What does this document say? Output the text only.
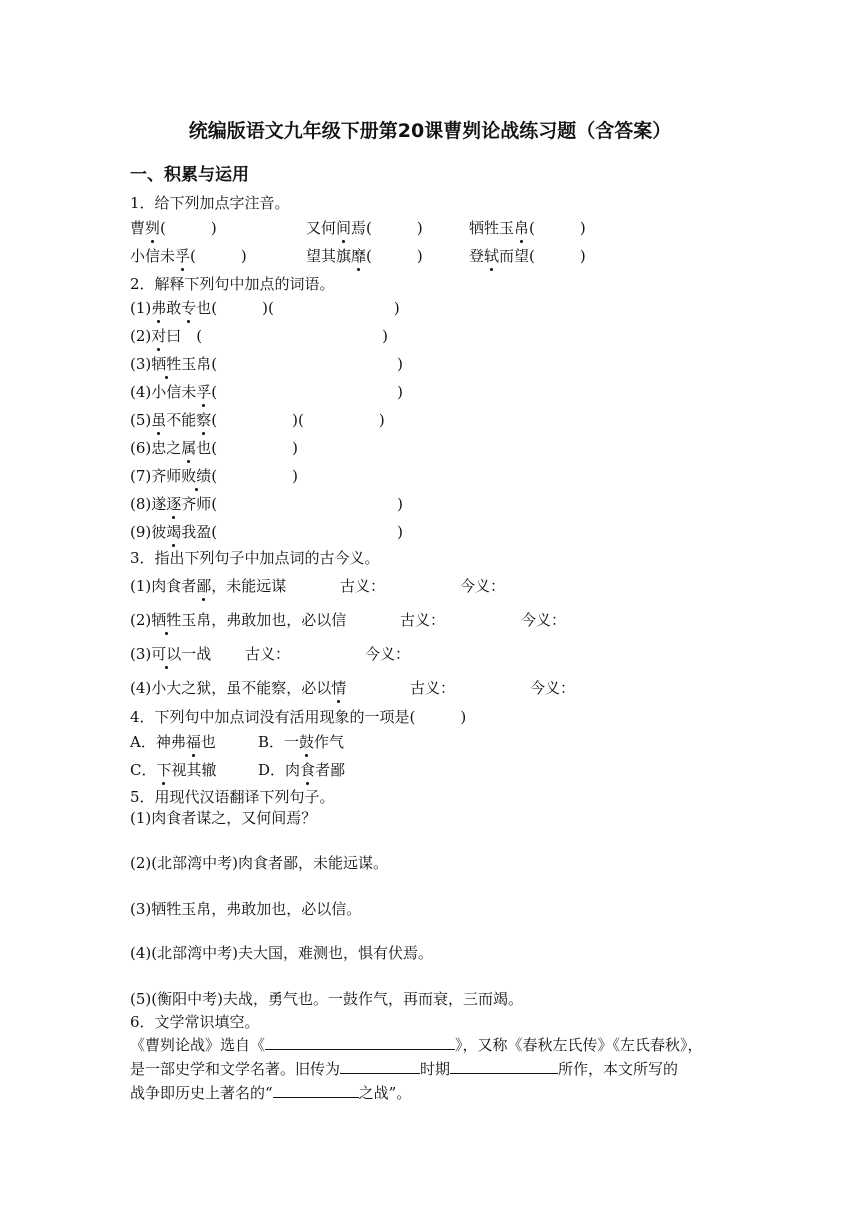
统编版语文九年级下册第20课曹刿论战练习题（含答案）
一、积累与运用
1．给下列加点字注音。
曹刿(　　　)	又何间焉(　　　)	牺牲玉帛(　　　)
小信未孚(　　　)	望其旗靡(　　　)	登轼而望(　　　)
2．解释下列句中加点的词语。
(1)弗敢专也(　　　)(　　　　　　　　)
(2)对曰　(　　　　　　　　　　　　)
(3)牺牲玉帛(　　　　　　　　　　　　)
(4)小信未孚(　　　　　　　　　　　　)
(5)虽不能察(　　　　　)(　　　　　)
(6)忠之属也(　　　　　)
(7)齐师败绩(　　　　　)
(8)遂逐齐师(　　　　　　　　　　　　)
(9)彼竭我盈(　　　　　　　　　　　　)
3．指出下列句子中加点词的古今义。
(1)肉食者鄙，未能远谋	古义：	今义：
(2)牺牲玉帛，弗敢加也，必以信	古义：	今义：
(3)可以一战 古义：	今义：
(4)小大之狱，虽不能察，必以情	古义：	今义：
4．下列句中加点词没有活用现象的一项是(　　　)
A．神弗福也	B．一鼓作气
C．下视其辙	D．肉食者鄙
5．用现代汉语翻译下列句子。
(1)肉食者谋之，又何间焉？
(2)(北部湾中考)肉食者鄙，未能远谋。
(3)牺牲玉帛，弗敢加也，必以信。
(4)(北部湾中考)夫大国，难测也，惧有伏焉。
(5)(衡阳中考)夫战，勇气也。一鼓作气，再而衰，三而竭。
6．文学常识填空。
《曹刿论战》选自《	》，又称《春秋左氏传》《左氏春秋》，
是一部史学和文学名著。旧传为	时期	所作，本文所写的
战争即历史上著名的“	之战”。
